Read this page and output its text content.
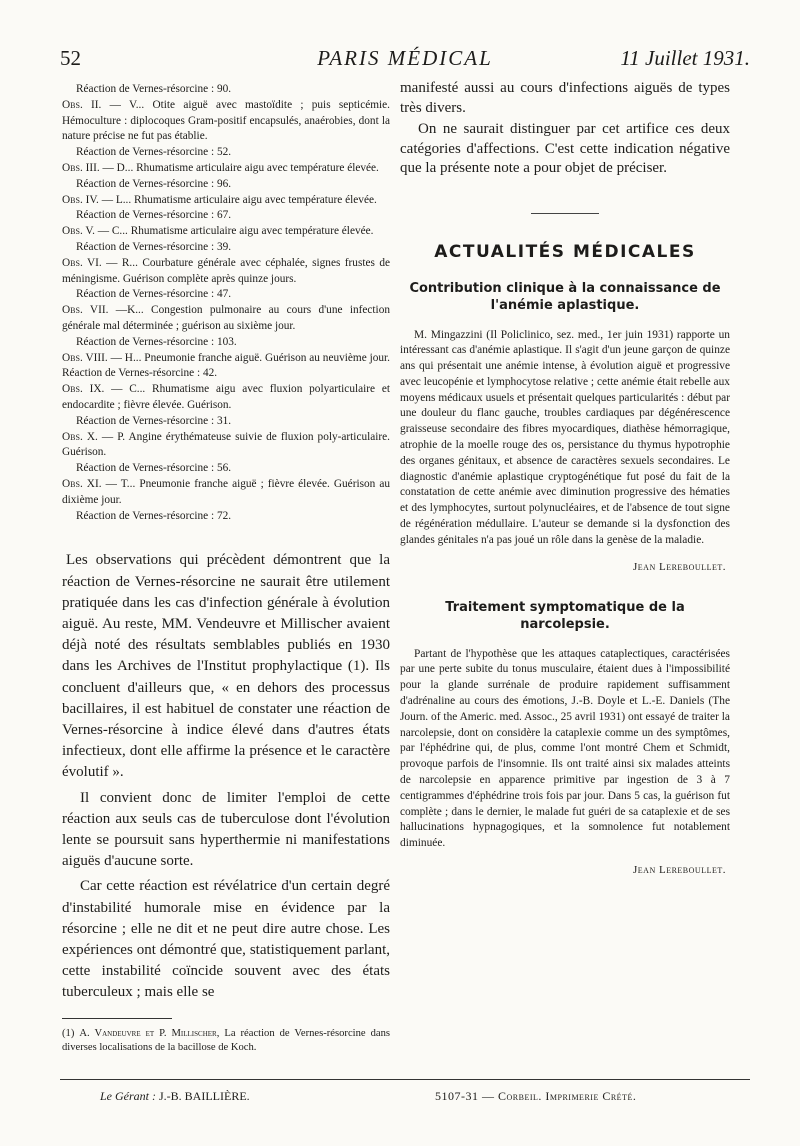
52	PARIS MÉDICAL	11 Juillet 1931.
Réaction de Vernes-résorcine : 90.
Obs. II. — V... Otite aiguë avec mastoïdite ; puis septicémie. Hémoculture : diplocoques Gram-positif encapsulés, anaérobies, dont la nature précise ne fut pas établie.
Réaction de Vernes-résorcine : 52.
Obs. III. — D... Rhumatisme articulaire aigu avec température élevée.
Réaction de Vernes-résorcine : 96.
Obs. IV. — L... Rhumatisme articulaire aigu avec température élevée.
Réaction de Vernes-résorcine : 67.
Obs. V. — C... Rhumatisme articulaire aigu avec température élevée.
Réaction de Vernes-résorcine : 39.
Obs. VI. — R... Courbature générale avec céphalée, signes frustes de méningisme. Guérison complète après quinze jours.
Réaction de Vernes-résorcine : 47.
Obs. VII. —K... Congestion pulmonaire au cours d'une infection générale mal déterminée ; guérison au sixième jour.
Réaction de Vernes-résorcine : 103.
Obs. VIII. — H... Pneumonie franche aiguë. Guérison au neuvième jour. Réaction de Vernes-résorcine : 42.
Obs. IX. — C... Rhumatisme aigu avec fluxion polyarticulaire et endocardite ; fièvre élevée. Guérison.
Réaction de Vernes-résorcine : 31.
Obs. X. — P. Angine érythémateuse suivie de fluxion poly-articulaire. Guérison.
Réaction de Vernes-résorcine : 56.
Obs. XI. — T... Pneumonie franche aiguë ; fièvre élevée. Guérison au dixième jour.
Réaction de Vernes-résorcine : 72.

Les observations qui précèdent démontrent que la réaction de Vernes-résorcine ne saurait être utilement pratiquée dans les cas d'infection générale à évolution aiguë. Au reste, MM. Vendeuvre et Millischer avaient déjà noté des résultats semblables publiés en 1930 dans les Archives de l'Institut prophylactique (1). Ils concluent d'ailleurs que, « en dehors des processus bacillaires, il est habituel de constater une réaction de Vernes-résorcine à indice élevé dans d'autres états infectieux, dont elle affirme la présence et le caractère évolutif ».

Il convient donc de limiter l'emploi de cette réaction aux seuls cas de tuberculose dont l'évolution lente se poursuit sans hyperthermie ni manifestations aiguës d'aucune sorte.

Car cette réaction est révélatrice d'un certain degré d'instabilité humorale mise en évidence par la résorcine ; elle ne dit et ne peut dire autre chose. Les expériences ont démontré que, statistiquement parlant, cette instabilité coïncide souvent avec des états tuberculeux ; mais elle se

(1) A. Vandeuvre et P. Millischer, La réaction de Vernes-résorcine dans diverses localisations de la bacillose de Koch.

manifesté aussi au cours d'infections aiguës de types très divers.

On ne saurait distinguer par cet artifice ces deux catégories d'affections. C'est cette indication négative que la présente note a pour objet de préciser.

ACTUALITÉS MÉDICALES
Contribution clinique à la connaissance de l'anémie aplastique.

M. Mingazzini (Il Policlinico, sez. med., 1er juin 1931) rapporte un intéressant cas d'anémie aplastique. Il s'agit d'un jeune garçon de quinze ans qui présentait une anémie intense, à évolution aiguë et progressive avec leucopénie et lymphocytose relative ; cette anémie était rebelle aux moyens médicaux usuels et présentait quelques particularités : début par une douleur du flanc gauche, troubles cardiaques par dégénérescence graisseuse secondaire des fibres myocardiques, diathèse hémorragique, atrophie de la moelle rouge des os, persistance du thymus hypotrophie des organes génitaux, et absence de caractères sexuels secondaires. Le diagnostic d'anémie aplastique cryptogénétique fut posé du fait de la constatation de cette anémie avec diminution progressive des hématies et des lymphocytes, surtout polynucléaires, et de l'absence de tout signe de régénération médullaire. L'auteur se demande si la dysfonction des glandes génitales n'a pas joué un rôle dans la genèse de la maladie.

Jean Lereboullet.
Traitement symptomatique de la narcolepsie.

Partant de l'hypothèse que les attaques cataplectiques, caractérisées par une perte subite du tonus musculaire, étaient dues à l'impossibilité pour la glande surrénale de produire rapidement suffisamment d'adrénaline au cours des émotions, J.-B. Doyle et L.-E. Daniels (The Journ. of the Americ. med. Assoc., 25 avril 1931) ont essayé de traiter la narcolepsie, dont on considère la cataplexie comme un des symptômes, par l'éphédrine qui, de plus, comme l'ont montré Chem et Schmidt, provoque parfois de l'insomnie. Ils ont traité ainsi six malades atteints de narcolepsie en apparence primitive par ingestion de 3 à 7 centigrammes d'éphédrine trois fois par jour. Dans 5 cas, la guérison fut complète ; dans le dernier, le malade fut guéri de sa cataplexie et de ses hallucinations hypnagogiques, et la somnolence fut notablement diminuée.

Jean Lereboullet.
Le Gérant : J.-B. BAILLIÈRE.	5107-31 — Corbeil. Imprimerie Crété.
